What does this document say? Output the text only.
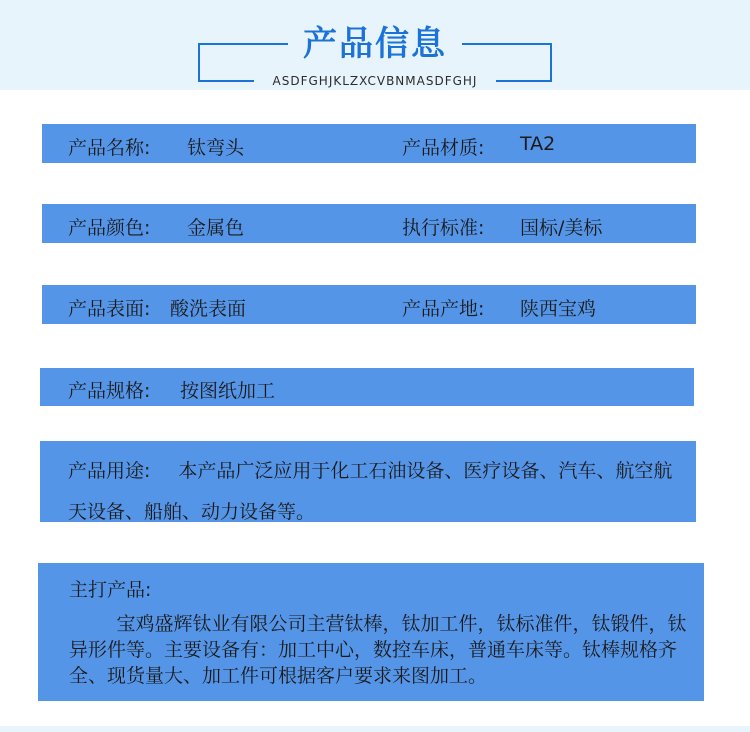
产品信息
ASDFGHJKLZXCVBNMASDFGHJ
产品名称: 钛弯头	产品材质: TA2
产品颜色: 金属色	执行标准: 国标/美标
产品表面: 酸洗表面	产品产地: 陕西宝鸡
产品规格: 按图纸加工
产品用途: 本产品广泛应用于化工石油设备、医疗设备、汽车、航空航天设备、船舶、动力设备等。
主打产品:
宝鸡盛辉钛业有限公司主营钛棒，钛加工件，钛标准件，钛锻件，钛异形件等。主要设备有：加工中心，数控车床，普通车床等。钛棒规格齐全、现货量大、加工件可根据客户要求来图加工。
